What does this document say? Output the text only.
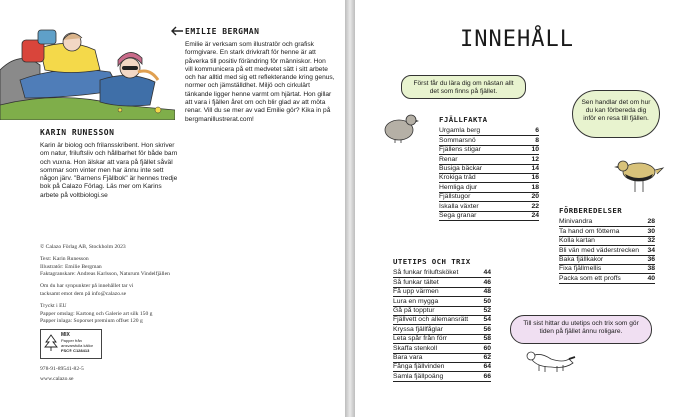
EMILIE BERGMAN
Emilie är verksam som illustratör och grafisk formgivare. En stark drivkraft för henne är att påverka till positiv förändring för människor. Hon vill kommunicera på ett medvetet sätt i sitt arbete och har alltid med sig ett reflekterande kring genus, normer och jämställdhet. Miljö och cirkulärt tänkande ligger henne varmt om hjärtat. Hon gillar att vara i fjällen året om och blir glad av att möta renar. Vill du se mer av vad Emilie gör? Kika in på bergmanillustrerat.com!
KARIN RUNESSON
Karin är biolog och frilansskribent. Hon skriver om natur, friluftsliv och hållbarhet för både barn och vuxna. Hon älskar att vara på fjället såväl sommar som vinter men har ännu inte sett någon järv. "Barnens Fjällbok" är hennes tredje bok på Calazo Förlag. Läs mer om Karins arbete på voltbiologi.se
© Calazo Förlag AB, Stockholm 2023
Text: Karin Runesson
Illustratör: Emilie Bergman
Faktagranskare: Andreas Karlsson, Naturum Vindelfjällen
Om du har synpunkter på innehållet tar vi
tacksamt emot dem på info@calazo.se
Tryckt i EU
Papper omslag: Kartong och Galerie art silk 150 g
Papper inlaga: Soporset premium offset 120 g
MIX
Papper från
ansvarsfulla källor
FSC® C128413
978-91-89541-82-5
www.calazo.se
INNEHÅLL
Först får du lära dig om nästan allt det som finns på fjället.
Sen handlar det om hur du kan förbereda dig inför en resa till fjällen.
Till sist hittar du utetips och trix som gör tiden på fjället ännu roligare.
FJÄLLFAKTA
Urgamla berg	6
Sommarsnö	8
Fjällens stigar	10
Renar	12
Busiga bäckar	14
Krokiga träd	16
Hemliga djur	18
Fjällstugor	20
Iskalla växter	22
Sega granar	24
FÖRBEREDELSER
Minivandra	28
Ta hand om fötterna	30
Kolla kartan	32
Bli vän med väderstrecken 34
Baka fjällkakor	36
Fixa fjällmellis	38
Packa som ett proffs	40
UTETIPS OCH TRIX
Så funkar friluftsköket	44
Så funkar tältet	46
Få upp värmen	48
Lura en mygga	50
Gå på topptur	52
Fjällvett och allemansrätt 54
Kryssa fjällfåglar	56
Leta spår från förr	58
Skaffa stenkoll	60
Bara vara	62
Fånga fjällvinden	64
Samla fjällpoäng	66
